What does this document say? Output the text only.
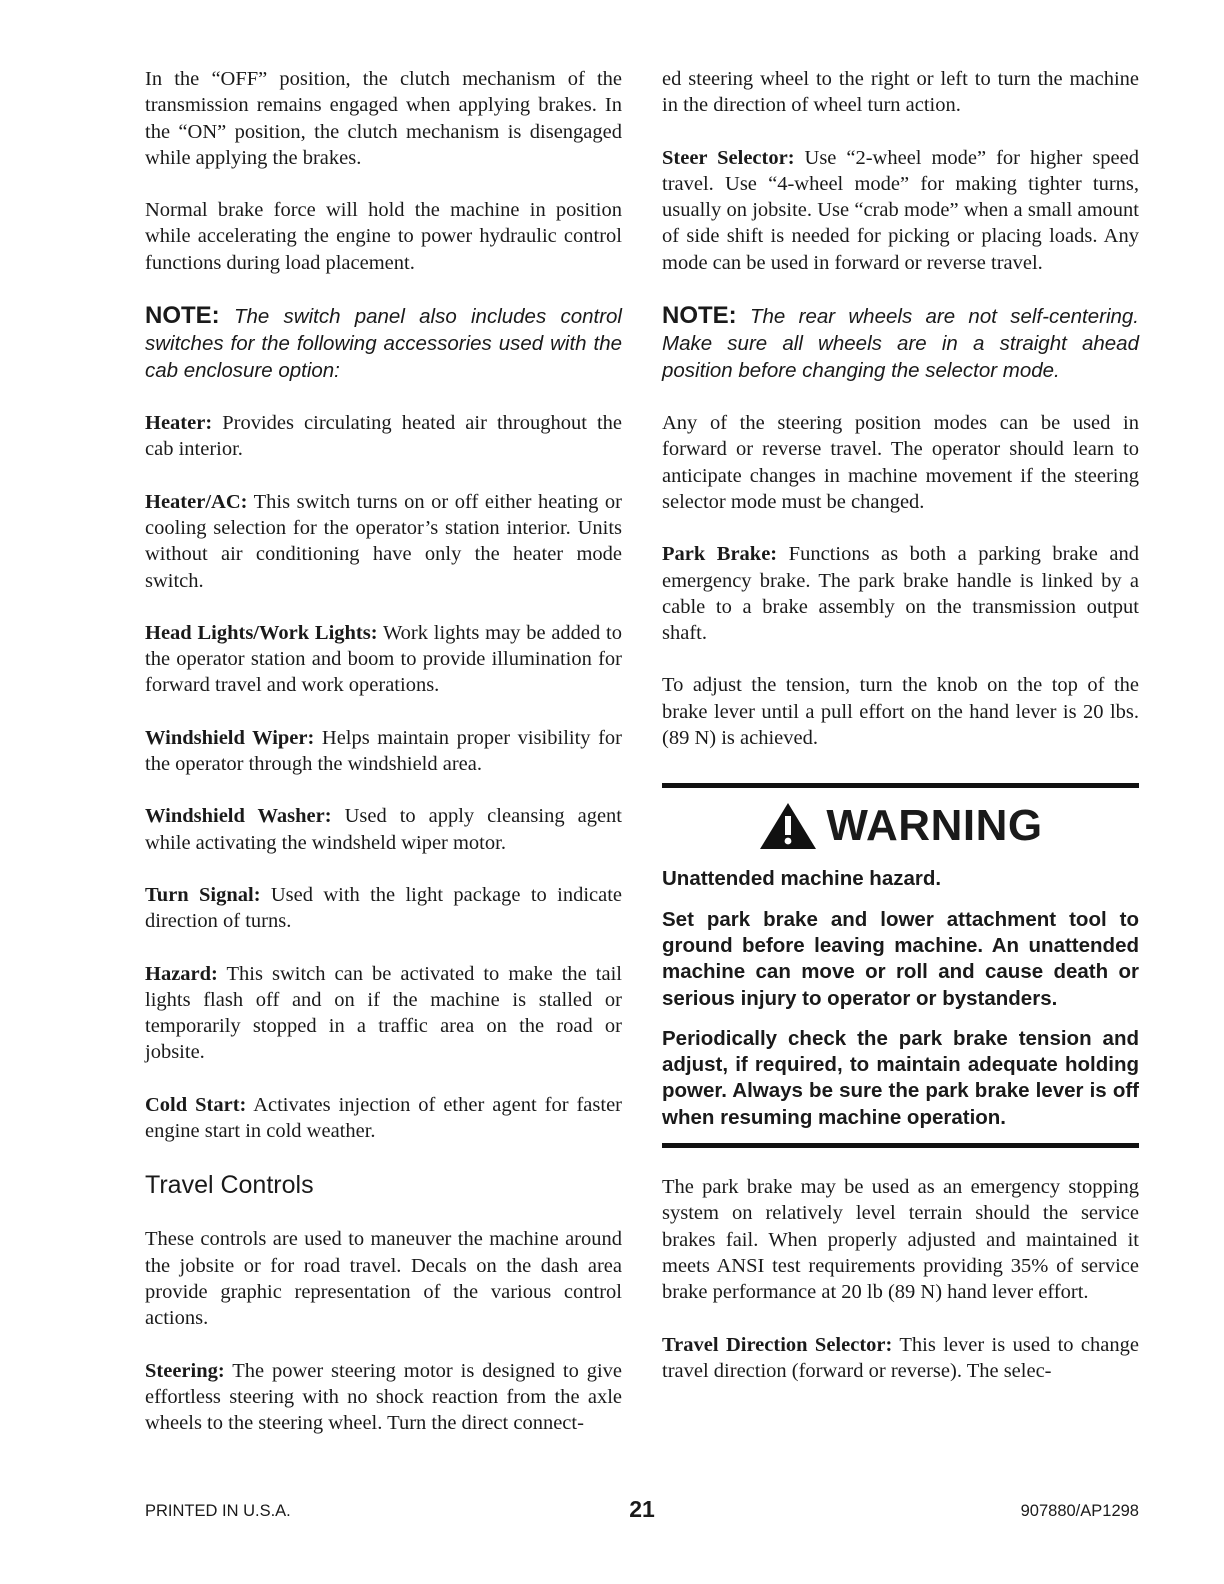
In the “OFF” position, the clutch mechanism of the transmission remains engaged when applying brakes. In the “ON” position, the clutch mechanism is disengaged while applying the brakes.

Normal brake force will hold the machine in position while accelerating the engine to power hydraulic control functions during load placement.

NOTE: The switch panel also includes control switches for the following accessories used with the cab enclosure option:

Heater: Provides circulating heated air throughout the cab interior.

Heater/AC: This switch turns on or off either heating or cooling selection for the operator’s station interior. Units without air conditioning have only the heater mode switch.

Head Lights/Work Lights: Work lights may be added to the operator station and boom to provide illumination for forward travel and work operations.

Windshield Wiper: Helps maintain proper visibility for the operator through the windshield area.

Windshield Washer: Used to apply cleansing agent while activating the windsheld wiper motor.

Turn Signal: Used with the light package to indicate direction of turns.

Hazard: This switch can be activated to make the tail lights flash off and on if the machine is stalled or temporarily stopped in a traffic area on the road or jobsite.

Cold Start: Activates injection of ether agent for faster engine start in cold weather.

Travel Controls

These controls are used to maneuver the machine around the jobsite or for road travel. Decals on the dash area provide graphic representation of the various control actions.

Steering: The power steering motor is designed to give effortless steering with no shock reaction from the axle wheels to the steering wheel. Turn the direct connect-

ed steering wheel to the right or left to turn the machine in the direction of wheel turn action.

Steer Selector: Use “2-wheel mode” for higher speed travel. Use “4-wheel mode” for making tighter turns, usually on jobsite. Use “crab mode” when a small amount of side shift is needed for picking or placing loads. Any mode can be used in forward or reverse travel.

NOTE: The rear wheels are not self-centering. Make sure all wheels are in a straight ahead position before changing the selector mode.

Any of the steering position modes can be used in forward or reverse travel. The operator should learn to anticipate changes in machine movement if the steering selector mode must be changed.

Park Brake: Functions as both a parking brake and emergency brake. The park brake handle is linked by a cable to a brake assembly on the transmission output shaft.

To adjust the tension, turn the knob on the top of the brake lever until a pull effort on the hand lever is 20 lbs. (89 N) is achieved.

WARNING

Unattended machine hazard.

Set park brake and lower attachment tool to ground before leaving machine. An unattended machine can move or roll and cause death or serious injury to operator or bystanders.

Periodically check the park brake tension and adjust, if required, to maintain adequate holding power. Always be sure the park brake lever is off when resuming machine operation.

The park brake may be used as an emergency stopping system on relatively level terrain should the service brakes fail. When properly adjusted and maintained it meets ANSI test requirements providing 35% of service brake performance at 20 lb (89 N) hand lever effort.

Travel Direction Selector: This lever is used to change travel direction (forward or reverse). The selec-

PRINTED IN U.S.A.	21	907880/AP1298
